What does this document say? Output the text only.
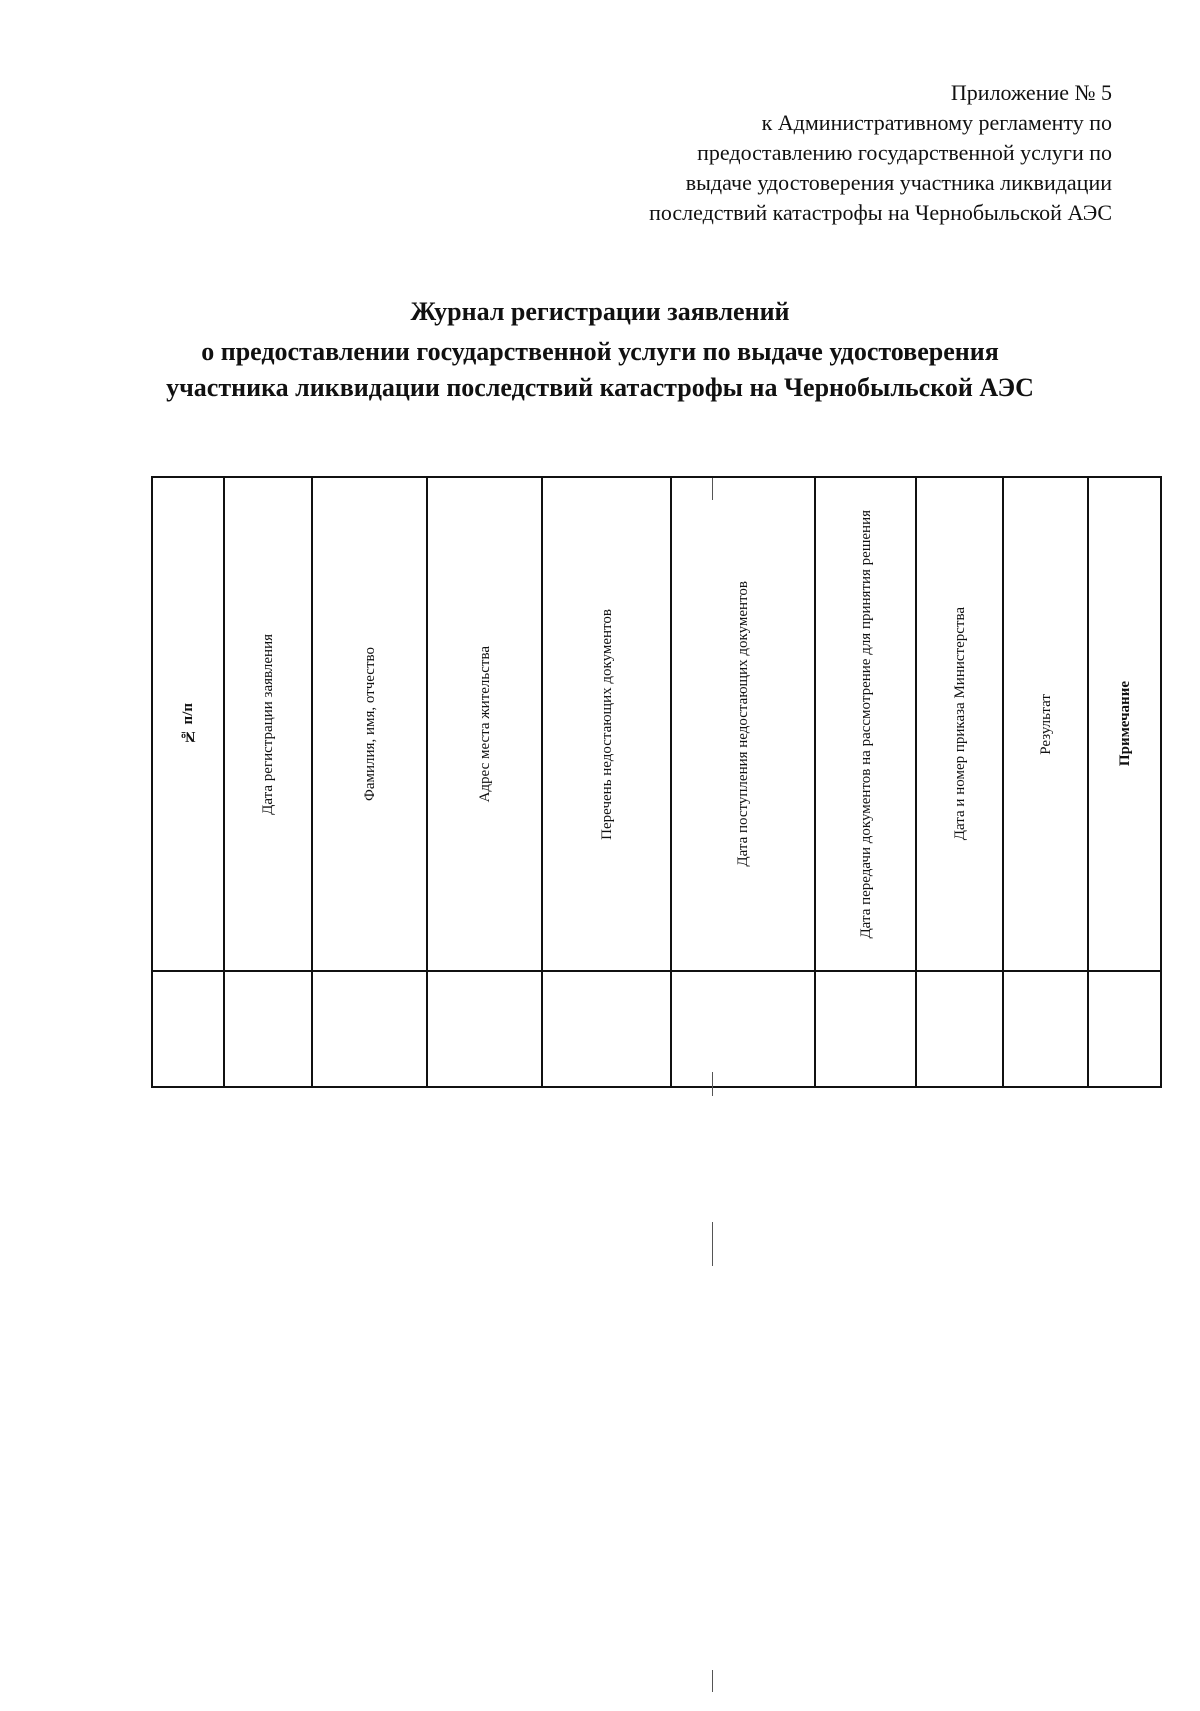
Приложение № 5
к Административному регламенту по
предоставлению государственной услуги по
выдаче удостоверения участника ликвидации
последствий катастрофы на Чернобыльской АЭС
Журнал регистрации заявлений
о предоставлении государственной услуги по выдаче удостоверения
участника ликвидации последствий катастрофы на Чернобыльской АЭС
№ п/п	Дата регистрации заявления	Фамилия, имя, отчество	Адрес места жительства	Перечень недостающих документов	Дата поступления недостающих документов	Дата передачи документов на рассмотрение для принятия решения	Дата и номер приказа Министерства	Результат	Примечание
